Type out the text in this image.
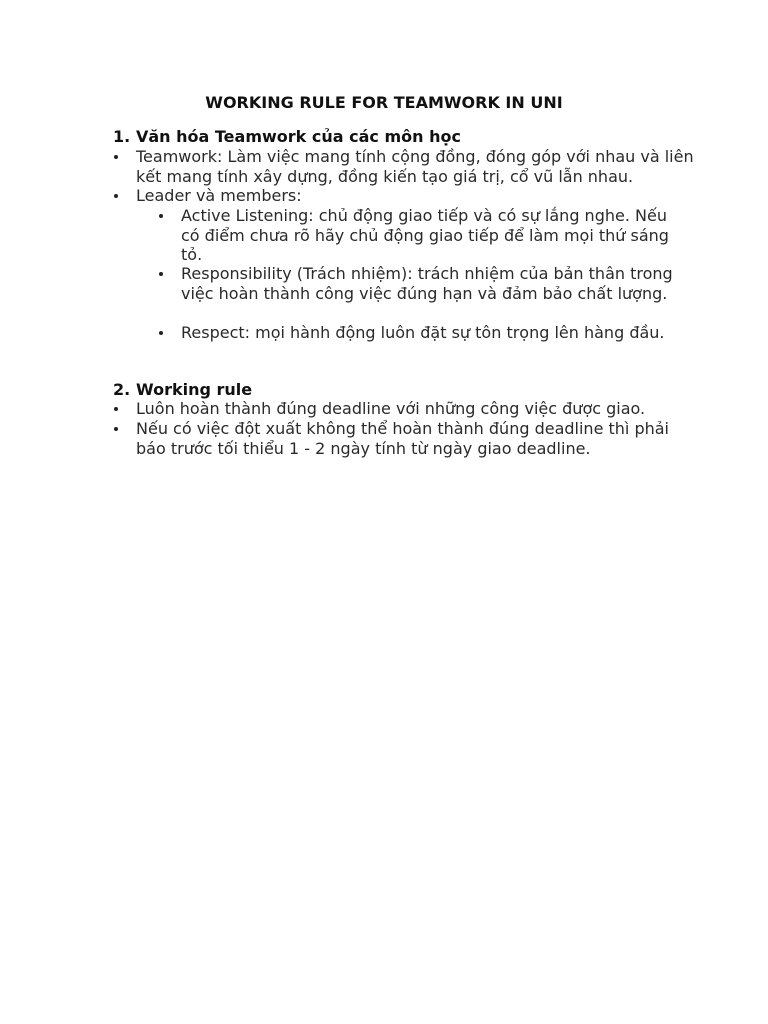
WORKING RULE FOR TEAMWORK IN UNI
1. Văn hóa Teamwork của các môn học
Teamwork: Làm việc mang tính cộng đồng, đóng góp với nhau và liên kết mang tính xây dựng, đồng kiến tạo giá trị, cổ vũ lẫn nhau.
Leader và members:
Active Listening: chủ động giao tiếp và có sự lắng nghe. Nếu có điểm chưa rõ hãy chủ động giao tiếp để làm mọi thứ sáng tỏ.
Responsibility (Trách nhiệm): trách nhiệm của bản thân trong việc hoàn thành công việc đúng hạn và đảm bảo chất lượng.
Respect: mọi hành động luôn đặt sự tôn trọng lên hàng đầu.
2. Working rule
Luôn hoàn thành đúng deadline với những công việc được giao.
Nếu có việc đột xuất không thể hoàn thành đúng deadline thì phải báo trước tối thiểu 1 - 2 ngày tính từ ngày giao deadline.
